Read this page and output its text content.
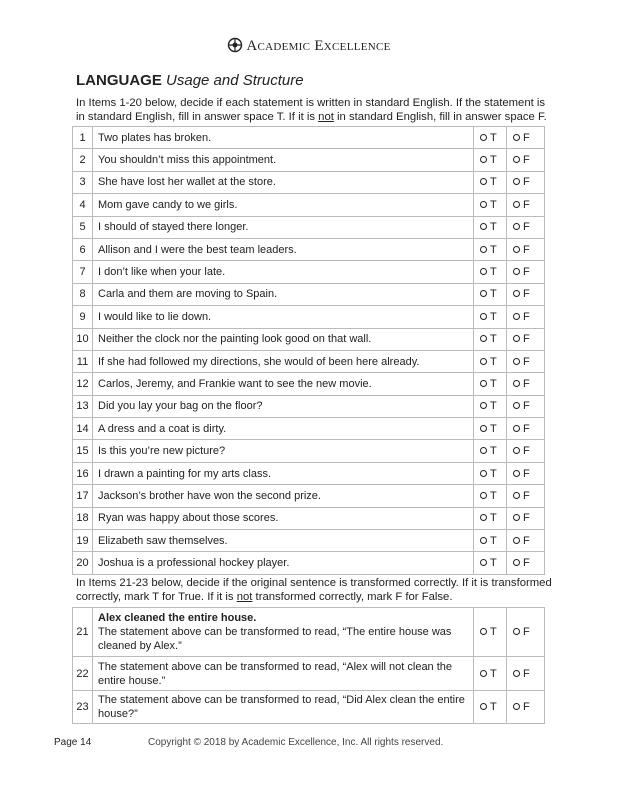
Academic Excellence
LANGUAGE Usage and Structure
In Items 1-20 below, decide if each statement is written in standard English. If the statement is in standard English, fill in answer space T. If it is not in standard English, fill in answer space F.
1	Two plates has broken.	T	F
2	You shouldn’t miss this appointment.	T	F
3	She have lost her wallet at the store.	T	F
4	Mom gave candy to we girls.	T	F
5	I should of stayed there longer.	T	F
6	Allison and I were the best team leaders.	T	F
7	I don’t like when your late.	T	F
8	Carla and them are moving to Spain.	T	F
9	I would like to lie down.	T	F
10	Neither the clock nor the painting look good on that wall.	T	F
11	If she had followed my directions, she would of been here already.	T	F
12	Carlos, Jeremy, and Frankie want to see the new movie.	T	F
13	Did you lay your bag on the floor?	T	F
14	A dress and a coat is dirty.	T	F
15	Is this you’re new picture?	T	F
16	I drawn a painting for my arts class.	T	F
17	Jackson’s brother have won the second prize.	T	F
18	Ryan was happy about those scores.	T	F
19	Elizabeth saw themselves.	T	F
20	Joshua is a professional hockey player.	T	F
In Items 21-23 below, decide if the original sentence is transformed correctly. If it is transformed correctly, mark T for True. If it is not transformed correctly, mark F for False.
21	Alex cleaned the entire house.
The statement above can be transformed to read, “The entire house was cleaned by Alex.”	T	F
22	The statement above can be transformed to read, “Alex will not clean the entire house.”	T	F
23	The statement above can be transformed to read, “Did Alex clean the entire house?”	T	F
Page 14	Copyright © 2018 by Academic Excellence, Inc. All rights reserved.
